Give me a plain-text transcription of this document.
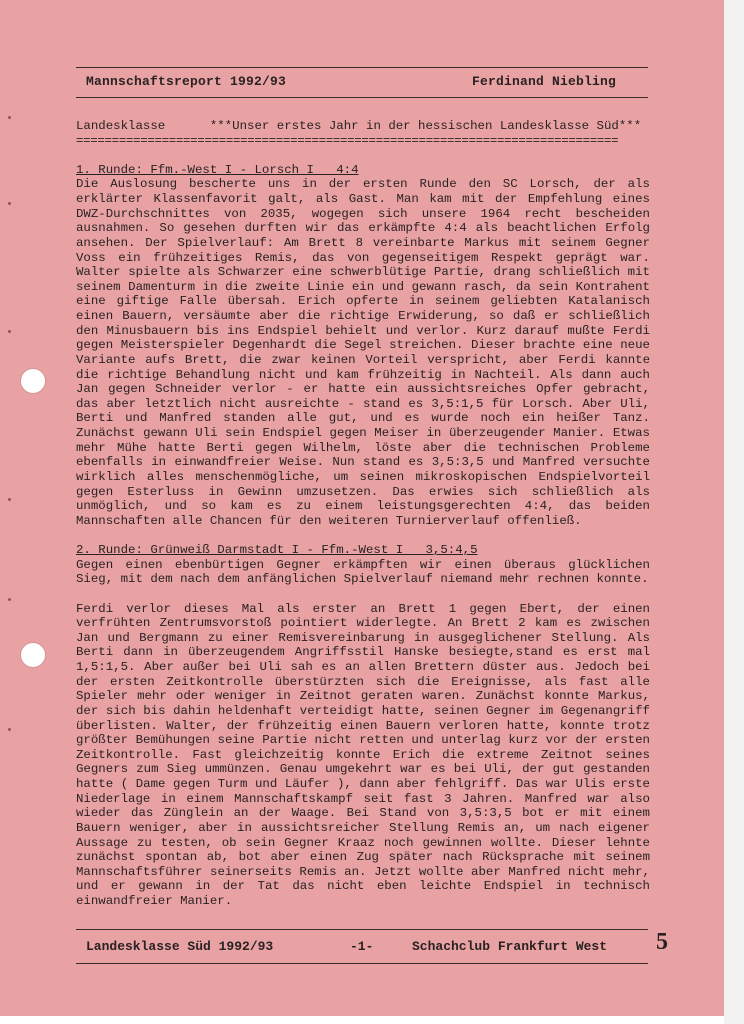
Mannschaftsreport 1992/93	Ferdinand Niebling
Landesklasse	***Unser erstes Jahr in der hessischen Landesklasse Süd***
============================================================================
1. Runde: Ffm.-West I - Lorsch I   4:4

Die Auslosung bescherte uns in der ersten Runde den SC Lorsch, der als erklärter Klassenfavorit galt, als Gast. Man kam mit der Empfehlung eines DWZ-Durchschnittes von 2035, wogegen sich unsere 1964 recht bescheiden ausnahmen. So gesehen durften wir das erkämpfte 4:4 als beachtlichen Erfolg ansehen. Der Spielverlauf: Am Brett 8 vereinbarte Markus mit seinem Gegner Voss ein frühzeitiges Remis, das von gegenseitigem Respekt geprägt war. Walter spielte als Schwarzer eine schwerblütige Partie, drang schließlich mit seinem Damenturm in die zweite Linie ein und gewann rasch, da sein Kontrahent eine giftige Falle übersah. Erich opferte in seinem geliebten Katalanisch einen Bauern, versäumte aber die richtige Erwiderung, so daß er schließlich den Minusbauern bis ins Endspiel behielt und verlor. Kurz darauf mußte Ferdi gegen Meisterspieler Degenhardt die Segel streichen. Dieser brachte eine neue Variante aufs Brett, die zwar keinen Vorteil verspricht, aber Ferdi kannte die richtige Behandlung nicht und kam frühzeitig in Nachteil. Als dann auch Jan gegen Schneider verlor - er hatte ein aussichtsreiches Opfer gebracht, das aber letztlich nicht ausreichte - stand es 3,5:1,5 für Lorsch. Aber Uli, Berti und Manfred standen alle gut, und es wurde noch ein heißer Tanz. Zunächst gewann Uli sein Endspiel gegen Meiser in überzeugender Manier. Etwas mehr Mühe hatte Berti gegen Wilhelm, löste aber die technischen Probleme ebenfalls in einwandfreier Weise. Nun stand es 3,5:3,5 und Manfred versuchte wirklich alles menschenmögliche, um seinen mikroskopischen Endspielvorteil gegen Esterluss in Gewinn umzusetzen. Das erwies sich schließlich als unmöglich, und so kam es zu einem leistungsgerechten 4:4, das beiden Mannschaften alle Chancen für den weiteren Turnierverlauf offenließ.

2. Runde: Grünweiß Darmstadt I - Ffm.-West I   3,5:4,5

Gegen einen ebenbürtigen Gegner erkämpften wir einen überaus glücklichen Sieg, mit dem nach dem anfänglichen Spielverlauf niemand mehr rechnen konnte.

Ferdi verlor dieses Mal als erster an Brett 1 gegen Ebert, der einen verfrühten Zentrumsvorstoß pointiert widerlegte. An Brett 2 kam es zwischen Jan und Bergmann zu einer Remisvereinbarung in ausgeglichener Stellung. Als Berti dann in überzeugendem Angriffsstil Hanske besiegte,stand es erst mal 1,5:1,5. Aber außer bei Uli sah es an allen Brettern düster aus. Jedoch bei der ersten Zeitkontrolle überstürzten sich die Ereignisse, als fast alle Spieler mehr oder weniger in Zeitnot geraten waren. Zunächst konnte Markus, der sich bis dahin heldenhaft verteidigt hatte, seinen Gegner im Gegenangriff überlisten. Walter, der frühzeitig einen Bauern verloren hatte, konnte trotz größter Bemühungen seine Partie nicht retten und unterlag kurz vor der ersten Zeitkontrolle. Fast gleichzeitig konnte Erich die extreme Zeitnot seines Gegners zum Sieg ummünzen. Genau umgekehrt war es bei Uli, der gut gestanden hatte ( Dame gegen Turm und Läufer ), dann aber fehlgriff. Das war Ulis erste Niederlage in einem Mannschaftskampf seit fast 3 Jahren. Manfred war also wieder das Zünglein an der Waage. Bei Stand von 3,5:3,5 bot er mit einem Bauern weniger, aber in aussichtsreicher Stellung Remis an, um nach eigener Aussage zu testen, ob sein Gegner Kraaz noch gewinnen wollte. Dieser lehnte zunächst spontan ab, bot aber einen Zug später nach Rücksprache mit seinem Mannschaftsführer seinerseits Remis an. Jetzt wollte aber Manfred nicht mehr, und er gewann in der Tat das nicht eben leichte Endspiel in technisch einwandfreier Manier.

Landesklasse Süd 1992/93	-1-	Schachclub Frankfurt West 5
